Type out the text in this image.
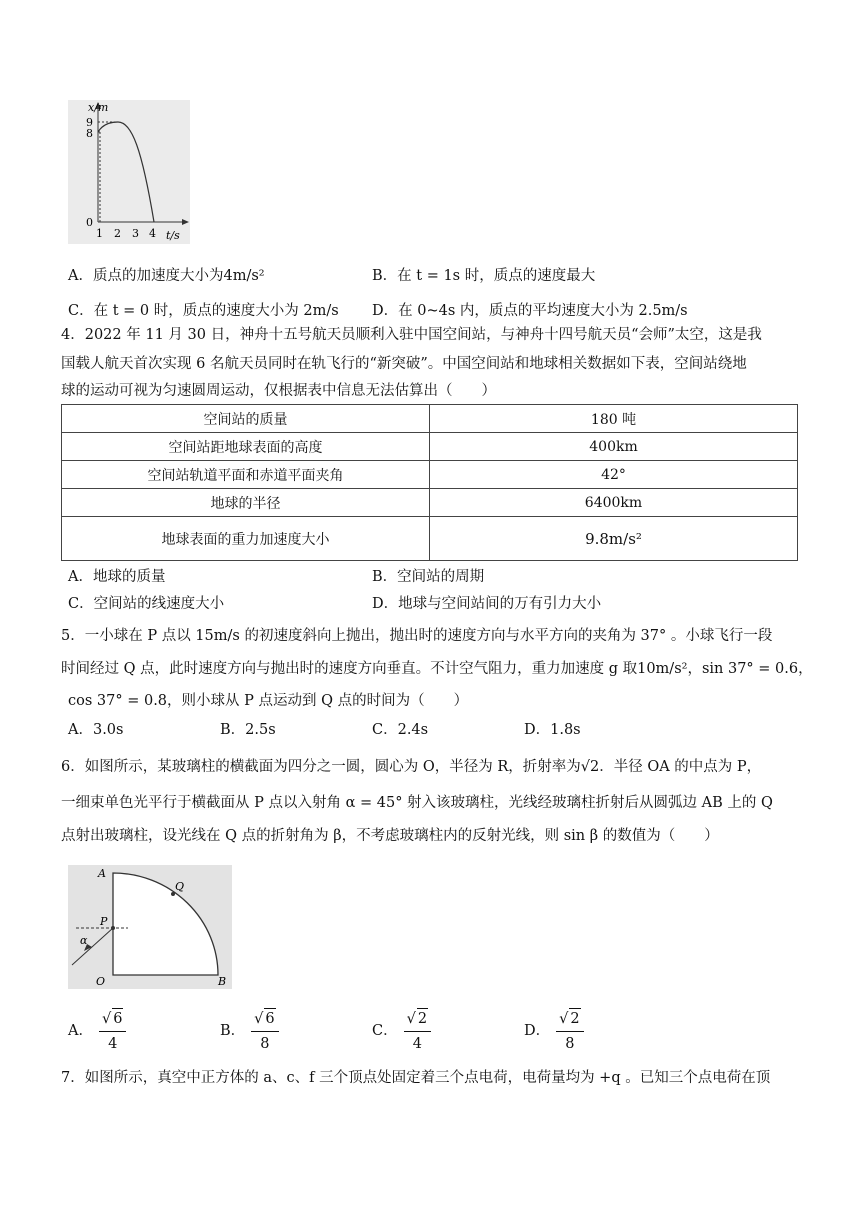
x/m
t/s
9
8
0
1 2 3 4
A．质点的加速度大小为4m/s²	B．在 t = 1s 时，质点的速度最大
C．在 t = 0 时，质点的速度大小为 2m/s D．在 0~4s 内，质点的平均速度大小为 2.5m/s
4．2022 年 11 月 30 日，神舟十五号航天员顺利入驻中国空间站，与神舟十四号航天员“会师”太空，这是我
国载人航天首次实现 6 名航天员同时在轨飞行的“新突破”。中国空间站和地球相关数据如下表，空间站绕地
球的运动可视为匀速圆周运动，仅根据表中信息无法估算出（　　）
空间站的质量	180 吨
空间站距地球表面的高度	400km
空间站轨道平面和赤道平面夹角	42°
地球的半径	6400km
地球表面的重力加速度大小	9.8m/s²
A．地球的质量	B．空间站的周期
C．空间站的线速度大小	D．地球与空间站间的万有引力大小
5．一小球在 P 点以 15m/s 的初速度斜向上抛出，抛出时的速度方向与水平方向的夹角为 37° 。小球飞行一段
时间经过 Q 点，此时速度方向与抛出时的速度方向垂直。不计空气阻力，重力加速度 g 取10m/s²，sin 37° = 0.6，
cos 37° = 0.8，则小球从 P 点运动到 Q 点的时间为（　　）
A．3.0s	B．2.5s	C．2.4s	D．1.8s
6．如图所示，某玻璃柱的横截面为四分之一圆，圆心为 O，半径为 R，折射率为√2．半径 OA 的中点为 P，
一细束单色光平行于横截面从 P 点以入射角 α = 45° 射入该玻璃柱，光线经玻璃柱折射后从圆弧边 AB 上的 Q
点射出玻璃柱，设光线在 Q 点的折射角为 β，不考虑玻璃柱内的反射光线，则 sin β 的数值为（　　）
A
Q
P
α
O	B
A． $\frac{√ 6}{4}$	B． $\frac{√ 6}{8}$	C． $\frac{√ 2}{4}$	D． $\frac{√ 2}{8}$
7．如图所示，真空中正方体的 a、c、f 三个顶点处固定着三个点电荷，电荷量均为 +q 。已知三个点电荷在顶
